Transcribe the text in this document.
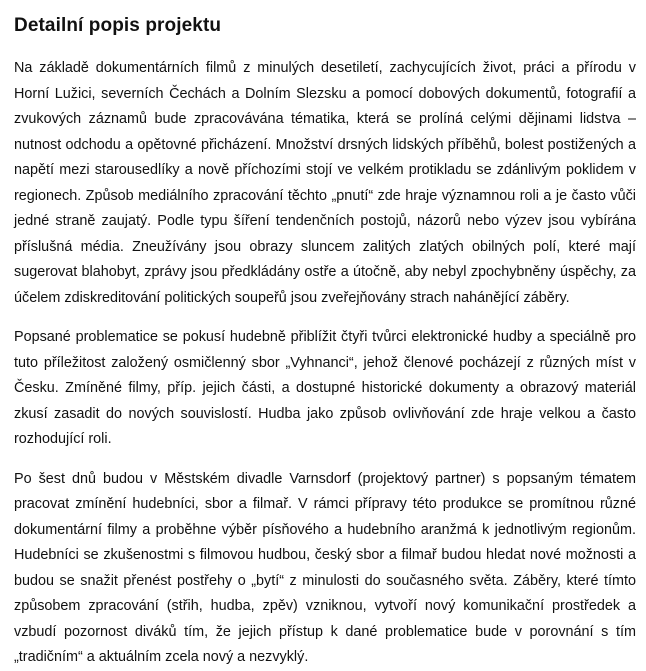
Detailní popis projektu

Na základě dokumentárních filmů z minulých desetiletí, zachycujících život, práci a přírodu v Horní Lužici, severních Čechách a Dolním Slezsku a pomocí dobových dokumentů, fotografií a zvukových záznamů bude zpracovávána tématika, která se prolíná celými dějinami lidstva – nutnost odchodu a opětovné přicházení. Množství drsných lidských příběhů, bolest postižených a napětí mezi starousedlíky a nově příchozími stojí ve velkém protikladu se zdánlivým poklidem v regionech. Způsob mediálního zpracování těchto „pnutí“ zde hraje významnou roli a je často vůči jedné straně zaujatý. Podle typu šíření tendenčních postojů, názorů nebo výzev jsou vybírána příslušná média. Zneužívány jsou obrazy sluncem zalitých zlatých obilných polí, které mají sugerovat blahobyt, zprávy jsou předkládány ostře a útočně, aby nebyl zpochybněny úspěchy, za účelem zdiskreditování politických soupeřů jsou zveřejňovány strach nahánějící záběry.

Popsané problematice se pokusí hudebně přiblížit čtyři tvůrci elektronické hudby a speciálně pro tuto příležitost založený osmičlenný sbor „Vyhnanci“, jehož členové pocházejí z různých míst v Česku. Zmíněné filmy, příp. jejich části, a dostupné historické dokumenty a obrazový materiál zkusí zasadit do nových souvislostí. Hudba jako způsob ovlivňování zde hraje velkou a často rozhodující roli.

Po šest dnů budou v Městském divadle Varnsdorf (projektový partner) s popsaným tématem pracovat zmínění hudebníci, sbor a filmař. V rámci přípravy této produkce se promítnou různé dokumentární filmy a proběhne výběr písňového a hudebního aranžmá k jednotlivým regionům. Hudebníci se zkušenostmi s filmovou hudbou, český sbor a filmař budou hledat nové možnosti a budou se snažit přenést postřehy o „bytí“ z minulosti do současného světa. Záběry, které tímto způsobem zpracování (střih, hudba, zpěv) vzniknou, vytvoří nový komunikační prostředek a vzbudí pozornost diváků tím, že jejich přístup k dané problematice bude v porovnání s tím „tradičním“ a aktuálním zcela nový a nezvyklý.
